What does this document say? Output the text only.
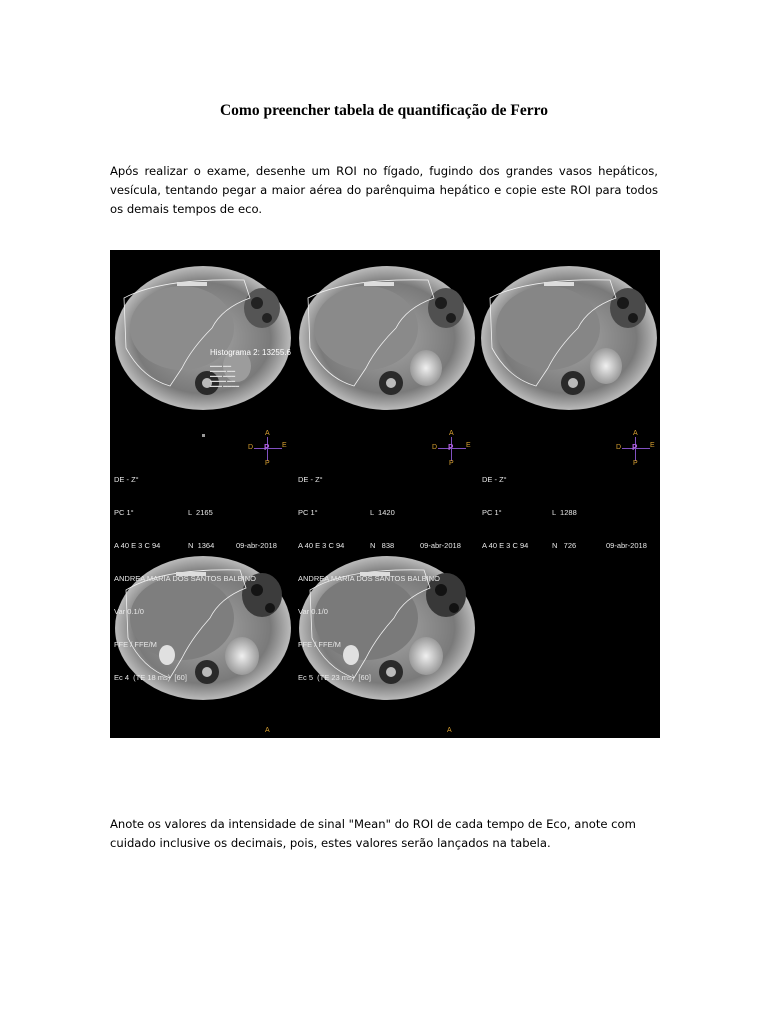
Como preencher tabela de quantificação de Ferro

Após realizar o exame, desenhe um ROI no fígado, fugindo dos grandes vasos hepáticos, vesícula, tentando pegar a maior aérea do parênquima hepático e copie este ROI para todos os demais tempos de eco.

Histograma 2: 13255.6
▬▬▬ ▬▬
▬▬▬▬ ▬▬
▬▬▬ ▬▬▬
▬▬▬▬ ▬▬
▬▬▬ ▬▬▬▬
A
D P E
P
A
D P E
P
A
D P E
P

DE - Z°

PC 1°	L  2165

A 40 E 3 C 94	N  1364	09-abr-2018

ANDREA MARIA DOS SANTOS BALBINO

Var 0.1/0

FFE / FFE/M

Ec 4  (TE 18 ms)  [60]

DE - Z°

PC 1°	L  1420

A 40 E 3 C 94	N   838	09-abr-2018

ANDREA MARIA DOS SANTOS BALBINO

Var 0.1/0

FFE / FFE/M

Ec 5  (TE 23 ms)  [60]

DE - Z°

PC 1°	L  1288

A 40 E 3 C 94	N   726	09-abr-2018

A	A

Anote os valores da intensidade de sinal "Mean" do ROI de cada tempo de Eco, anote com cuidado inclusive os decimais, pois, estes valores serão lançados na tabela.
